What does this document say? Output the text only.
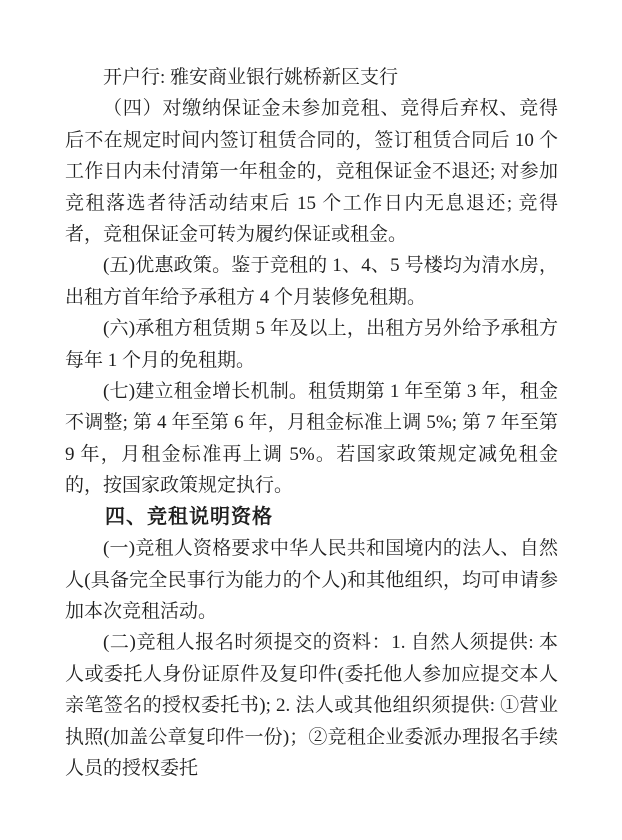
开户行: 雅安商业银行姚桥新区支行

（四）对缴纳保证金未参加竞租、竞得后弃权、竞得后不在规定时间内签订租赁合同的，签订租赁合同后 10 个工作日内未付清第一年租金的，竞租保证金不退还; 对参加竞租落选者待活动结束后 15 个工作日内无息退还; 竞得者，竞租保证金可转为履约保证或租金。

(五)优惠政策。鉴于竞租的 1、4、5 号楼均为清水房，出租方首年给予承租方 4 个月装修免租期。

(六)承租方租赁期 5 年及以上，出租方另外给予承租方每年 1 个月的免租期。

(七)建立租金增长机制。租赁期第 1 年至第 3 年，租金不调整; 第 4 年至第 6 年，月租金标准上调 5%; 第 7 年至第 9 年，月租金标准再上调 5%。若国家政策规定减免租金的，按国家政策规定执行。

四、竞租说明资格

(一)竞租人资格要求中华人民共和国境内的法人、自然人(具备完全民事行为能力的个人)和其他组织，均可申请参加本次竞租活动。

(二)竞租人报名时须提交的资料：1. 自然人须提供: 本人或委托人身份证原件及复印件(委托他人参加应提交本人亲笔签名的授权委托书); 2. 法人或其他组织须提供: ①营业执照(加盖公章复印件一份)；②竞租企业委派办理报名手续人员的授权委托
